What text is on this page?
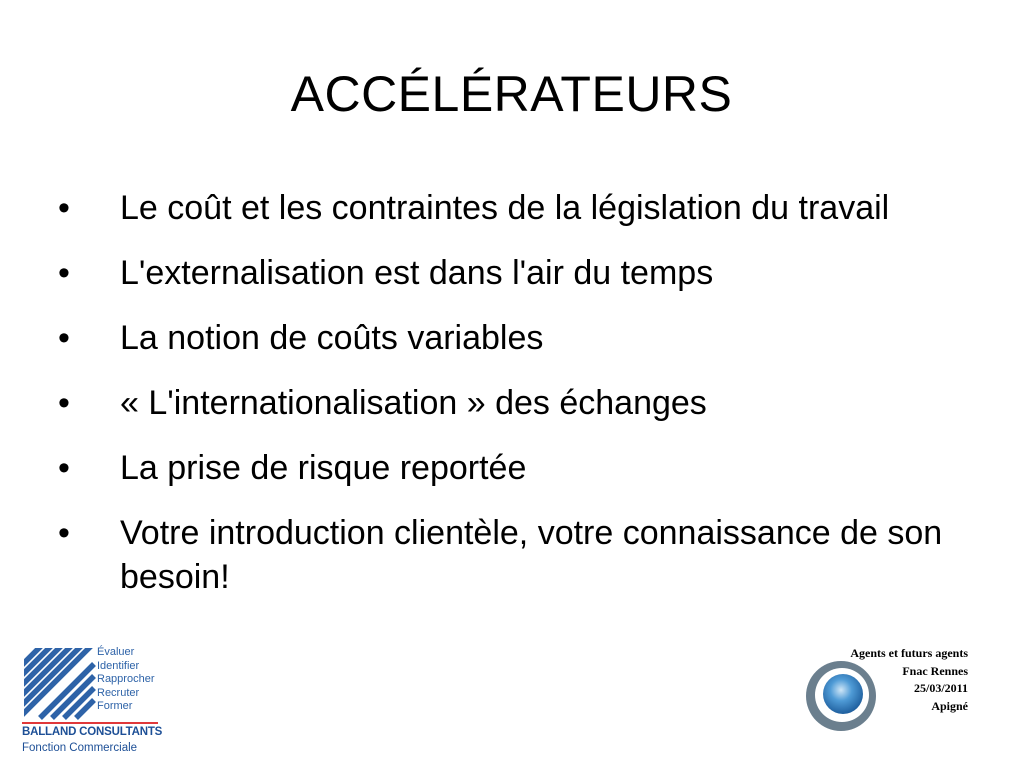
ACCÉLÉRATEURS
• Le coût et les contraintes de la législation du travail
• L'externalisation est dans l'air du temps
• La notion de coûts variables
• « L'internationalisation » des échanges
• La prise de risque reportée
• Votre introduction clientèle, votre connaissance de son besoin!
Évaluer
Identifier
Rapprocher
Recruter
Former
BALLAND CONSULTANTS
Fonction Commerciale
Agents et futurs agents
Fnac Rennes
25/03/2011
Apigné
